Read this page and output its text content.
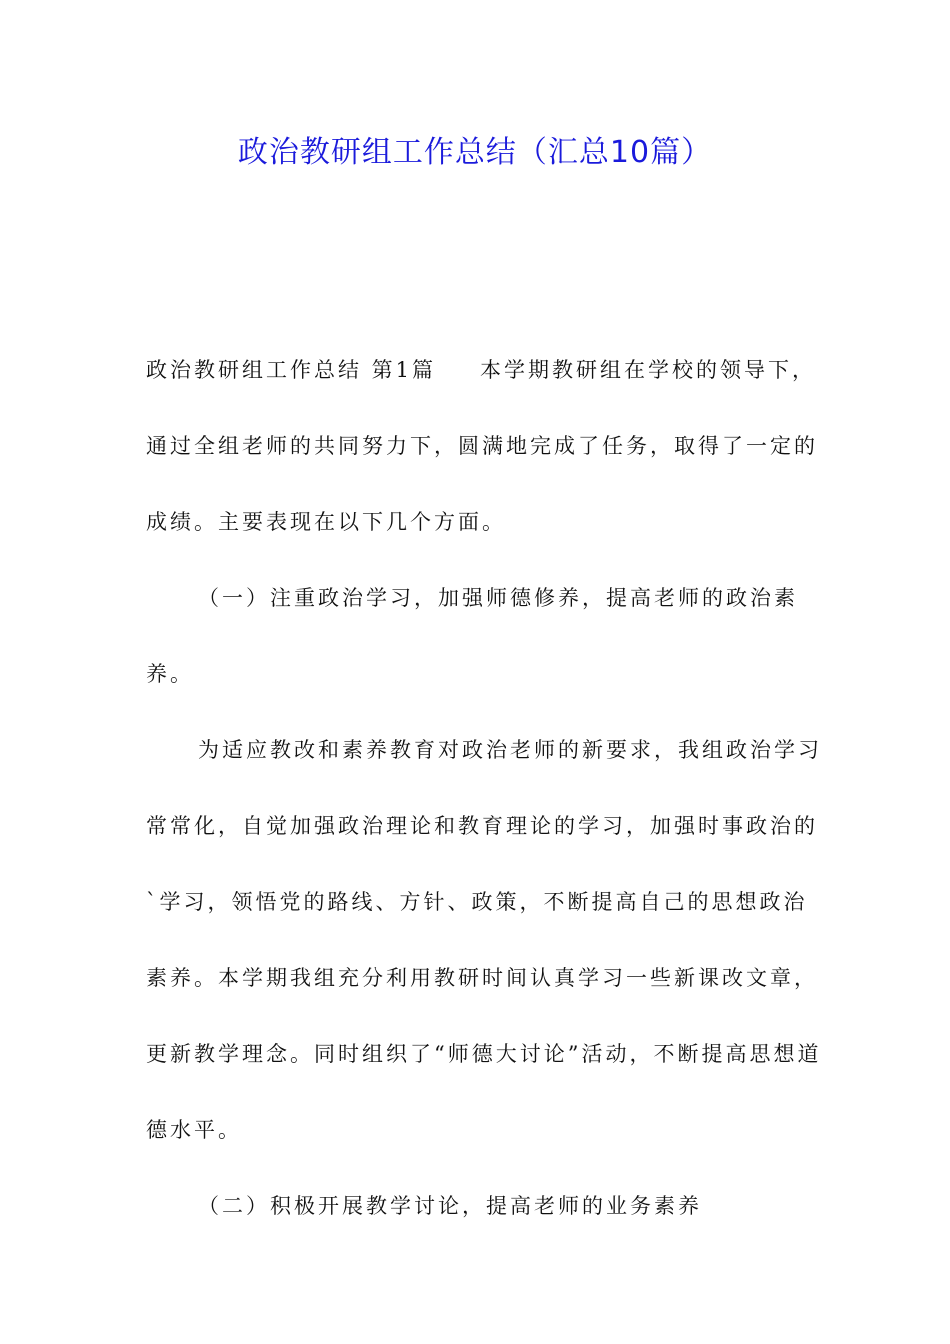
政治教研组工作总结（汇总10篇）

政治教研组工作总结 第1篇 本学期教研组在学校的领导下，通过全组老师的共同努力下，圆满地完成了任务，取得了一定的成绩。主要表现在以下几个方面。

（一）注重政治学习，加强师德修养，提高老师的政治素养。

为适应教改和素养教育对政治老师的新要求，我组政治学习常常化，自觉加强政治理论和教育理论的学习，加强时事政治的`学习，领悟党的路线、方针、政策，不断提高自己的思想政治素养。本学期我组充分利用教研时间认真学习一些新课改文章，更新教学理念。同时组织了“师德大讨论”活动，不断提高思想道德水平。

（二）积极开展教学讨论，提高老师的业务素养
